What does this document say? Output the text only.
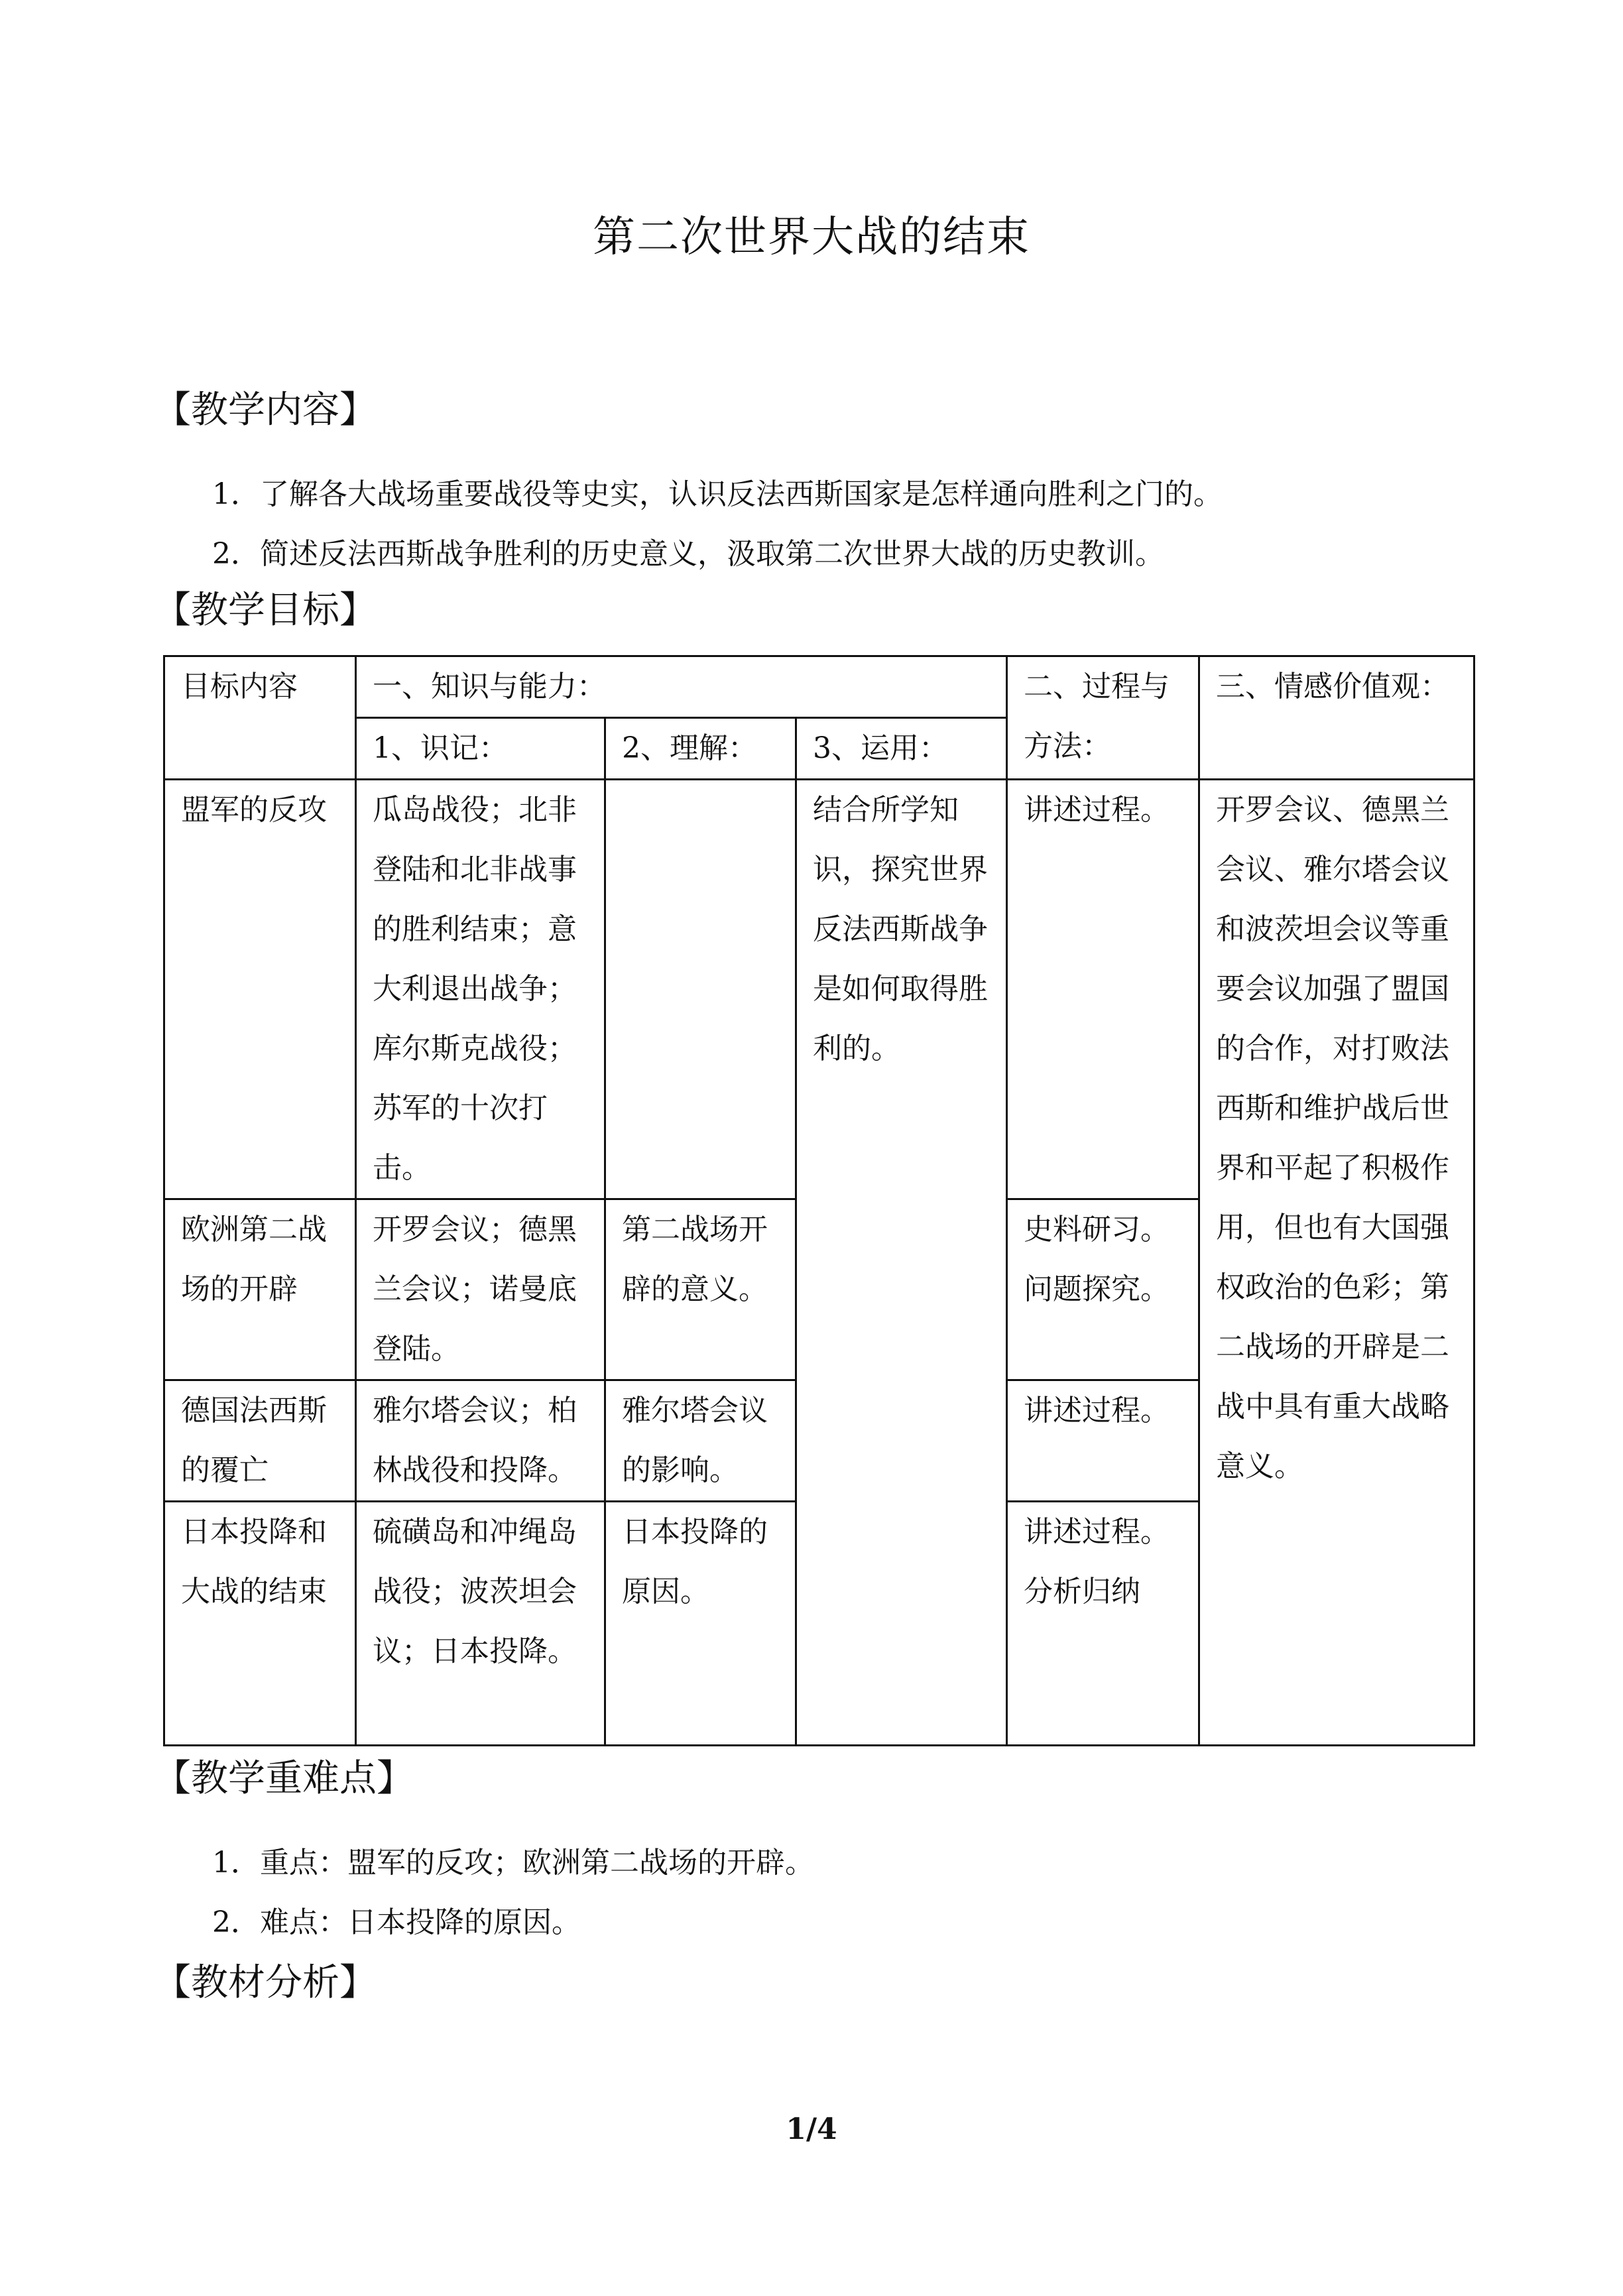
第二次世界大战的结束
【教学内容】
1．了解各大战场重要战役等史实，认识反法西斯国家是怎样通向胜利之门的。
2．简述反法西斯战争胜利的历史意义，汲取第二次世界大战的历史教训。
【教学目标】
目标内容	一、知识与能力：			二、过程与方法：	三、情感价值观：
	1、识记：	2、理解：	3、运用：		
盟军的反攻	瓜岛战役；北非登陆和北非战事的胜利结束；意大利退出战争；库尔斯克战役；苏军的十次打击。		结合所学知识，探究世界反法西斯战争是如何取得胜利的。	讲述过程。	开罗会议、德黑兰会议、雅尔塔会议和波茨坦会议等重要会议加强了盟国的合作，对打败法西斯和维护战后世界和平起了积极作用，但也有大国强权政治的色彩；第二战场的开辟是二战中具有重大战略意义。
欧洲第二战场的开辟	开罗会议；德黑兰会议；诺曼底登陆。	第二战场开辟的意义。		史料研习。问题探究。	
德国法西斯的覆亡	雅尔塔会议；柏林战役和投降。	雅尔塔会议的影响。		讲述过程。	
日本投降和大战的结束	硫磺岛和冲绳岛战役；波茨坦会议；日本投降。	日本投降的原因。		讲述过程。分析归纳	
【教学重难点】
1．重点：盟军的反攻；欧洲第二战场的开辟。
2．难点：日本投降的原因。
【教材分析】
1/4
